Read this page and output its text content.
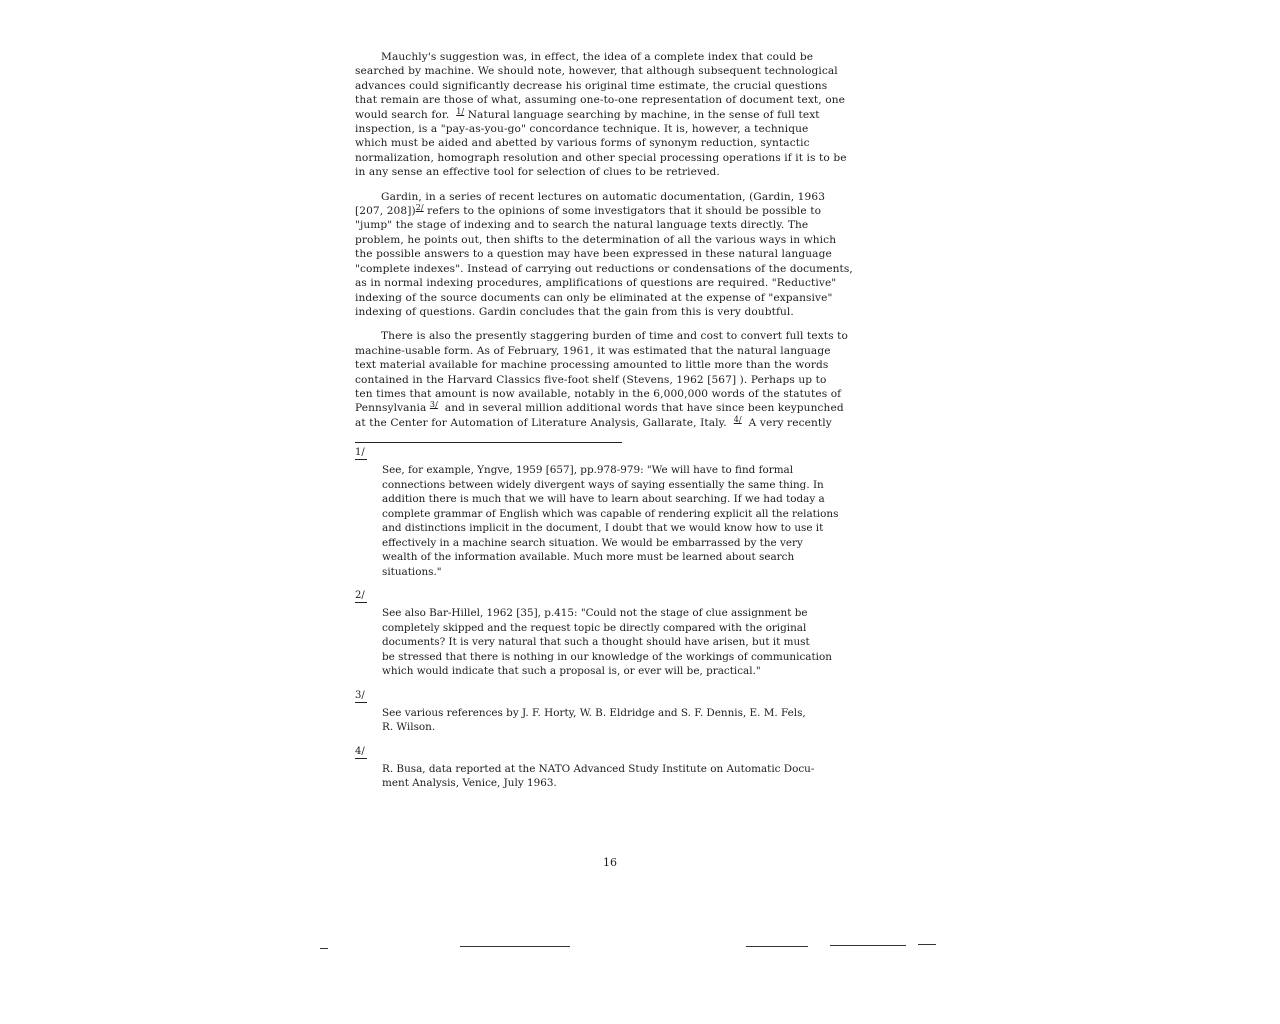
Mauchly's suggestion was, in effect, the idea of a complete index that could be
searched by machine. We should note, however, that although subsequent technological
advances could significantly decrease his original time estimate, the crucial questions
that remain are those of what, assuming one-to-one representation of document text, one
would search for. $^{1/}$ Natural language searching by machine, in the sense of full text
inspection, is a "pay-as-you-go" concordance technique. It is, however, a technique
which must be aided and abetted by various forms of synonym reduction, syntactic
normalization, homograph resolution and other special processing operations if it is to be
in any sense an effective tool for selection of clues to be retrieved.

Gardin, in a series of recent lectures on automatic documentation, (Gardin, 1963
[207, 208])$^{2/}$ refers to the opinions of some investigators that it should be possible to
"jump" the stage of indexing and to search the natural language texts directly. The
problem, he points out, then shifts to the determination of all the various ways in which
the possible answers to a question may have been expressed in these natural language
"complete indexes". Instead of carrying out reductions or condensations of the documents,
as in normal indexing procedures, amplifications of questions are required. "Reductive"
indexing of the source documents can only be eliminated at the expense of "expansive"
indexing of questions. Gardin concludes that the gain from this is very doubtful.

There is also the presently staggering burden of time and cost to convert full texts to
machine-usable form. As of February, 1961, it was estimated that the natural language
text material available for machine processing amounted to little more than the words
contained in the Harvard Classics five-foot shelf (Stevens, 1962 [567] ). Perhaps up to
ten times that amount is now available, notably in the 6,000,000 words of the statutes of
Pennsylvania $^{3/}$ and in several million additional words that have since been keypunched
at the Center for Automation of Literature Analysis, Gallarate, Italy. $^{4/}$ A very recently

1/
See, for example, Yngve, 1959 [657], pp.978-979: "We will have to find formal
connections between widely divergent ways of saying essentially the same thing. In
addition there is much that we will have to learn about searching. If we had today a
complete grammar of English which was capable of rendering explicit all the relations
and distinctions implicit in the document, I doubt that we would know how to use it
effectively in a machine search situation. We would be embarrassed by the very
wealth of the information available. Much more must be learned about search
situations."
2/
See also Bar-Hillel, 1962 [35], p.415: "Could not the stage of clue assignment be
completely skipped and the request topic be directly compared with the original
documents? It is very natural that such a thought should have arisen, but it must
be stressed that there is nothing in our knowledge of the workings of communication
which would indicate that such a proposal is, or ever will be, practical."
3/
See various references by J. F. Horty, W. B. Eldridge and S. F. Dennis, E. M. Fels,
R. Wilson.
4/
R. Busa, data reported at the NATO Advanced Study Institute on Automatic Docu-
ment Analysis, Venice, July 1963.
16
